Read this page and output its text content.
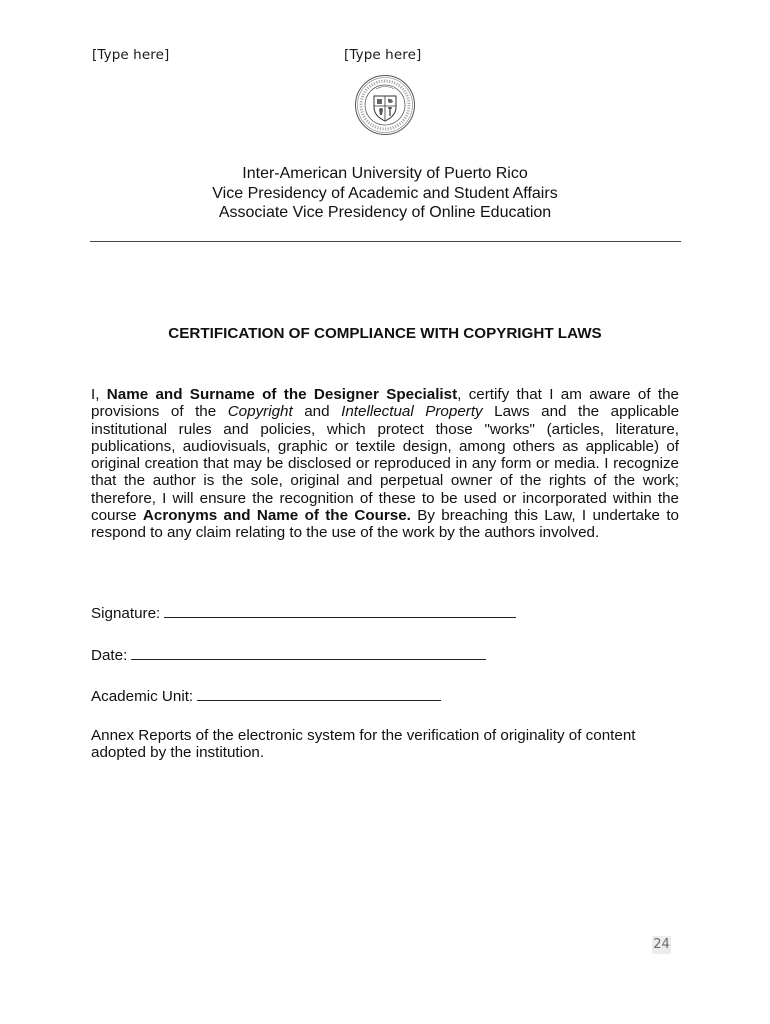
[Type here]	[Type here]
Inter-American University of Puerto Rico
Vice Presidency of Academic and Student Affairs
Associate Vice Presidency of Online Education
CERTIFICATION OF COMPLIANCE WITH COPYRIGHT LAWS
I, Name and Surname of the Designer Specialist, certify that I am aware of the provisions of the Copyright and Intellectual Property Laws and the applicable institutional rules and policies, which protect those "works" (articles, literature, publications, audiovisuals, graphic or textile design, among others as applicable) of original creation that may be disclosed or reproduced in any form or media. I recognize that the author is the sole, original and perpetual owner of the rights of the work; therefore, I will ensure the recognition of these to be used or incorporated within the course Acronyms and Name of the Course. By breaching this Law, I undertake to respond to any claim relating to the use of the work by the authors involved.
Signature:
Date:
Academic Unit:
Annex Reports of the electronic system for the verification of originality of content adopted by the institution.
24
